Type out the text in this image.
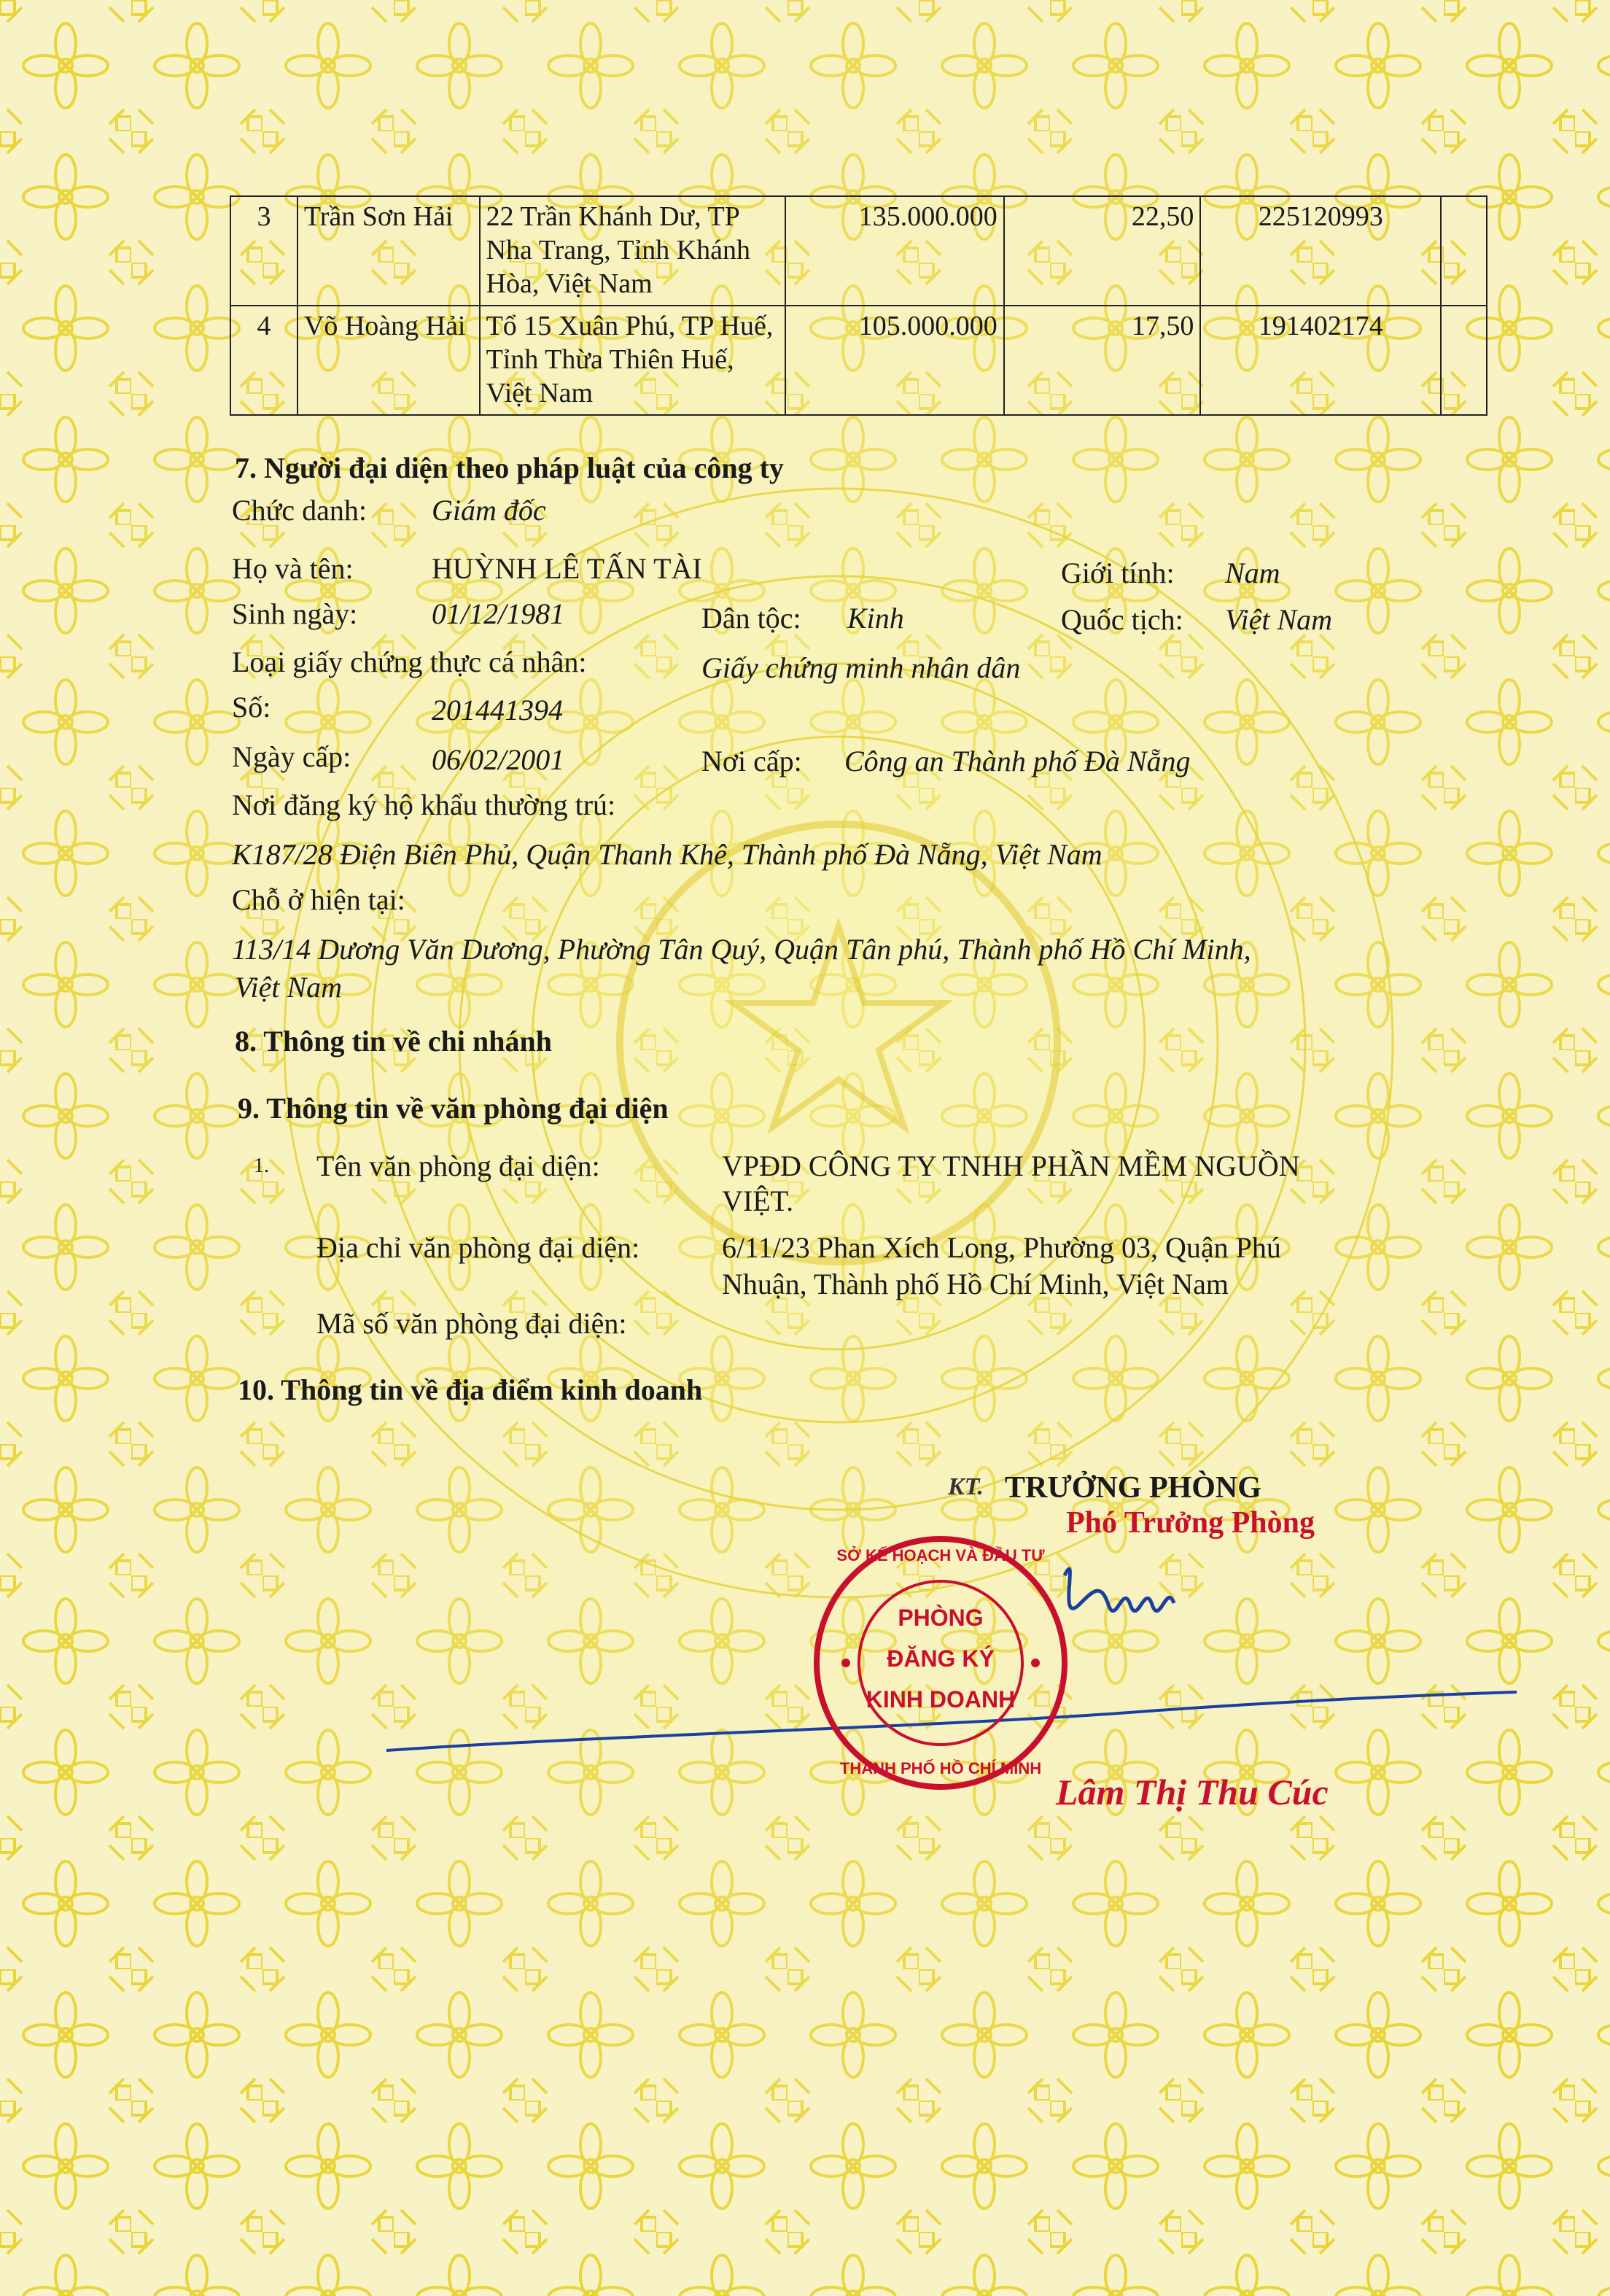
3	Trần Sơn Hải	22 Trần Khánh Dư, TP Nha Trang, Tỉnh Khánh Hòa, Việt Nam	135.000.000	22,50	225120993	
4	Võ Hoàng Hải	Tổ 15 Xuân Phú, TP Huế, Tỉnh Thừa Thiên Huế, Việt Nam	105.000.000	17,50	191402174	
7. Người đại diện theo pháp luật của công ty
Chức danh: Giám đốc
Họ và tên:	HUỲNH LÊ TẤN TÀI	Giới tính: Nam
Sinh ngày:	01/12/1981	Dân tộc: Kinh	Quốc tịch: Việt Nam
Loại giấy chứng thực cá nhân:	Giấy chứng minh nhân dân
Số:	201441394
Ngày cấp:	06/02/2001	Nơi cấp: Công an Thành phố Đà Nẵng
Nơi đăng ký hộ khẩu thường trú:
K187/28 Điện Biên Phủ, Quận Thanh Khê, Thành phố Đà Nẵng, Việt Nam
Chỗ ở hiện tại:
113/14 Dương Văn Dương, Phường Tân Quý, Quận Tân phú, Thành phố Hồ Chí Minh,
Việt Nam
8. Thông tin về chi nhánh
9. Thông tin về văn phòng đại diện
1. Tên văn phòng đại diện:	VPĐD CÔNG TY TNHH PHẦN MỀM NGUỒN
VIỆT.
Địa chỉ văn phòng đại diện:	6/11/23 Phan Xích Long, Phường 03, Quận Phú
Nhuận, Thành phố Hồ Chí Minh, Việt Nam
Mã số văn phòng đại diện:
10. Thông tin về địa điểm kinh doanh
KT. TRƯỞNG PHÒNG
Phó Trưởng Phòng
SỞ KẾ HOẠCH VÀ ĐẦU TƯ
THÀNH PHỐ HỒ CHÍ MINH
PHÒNG
ĐĂNG KÝ
KINH DOANH
Lâm Thị Thu Cúc
